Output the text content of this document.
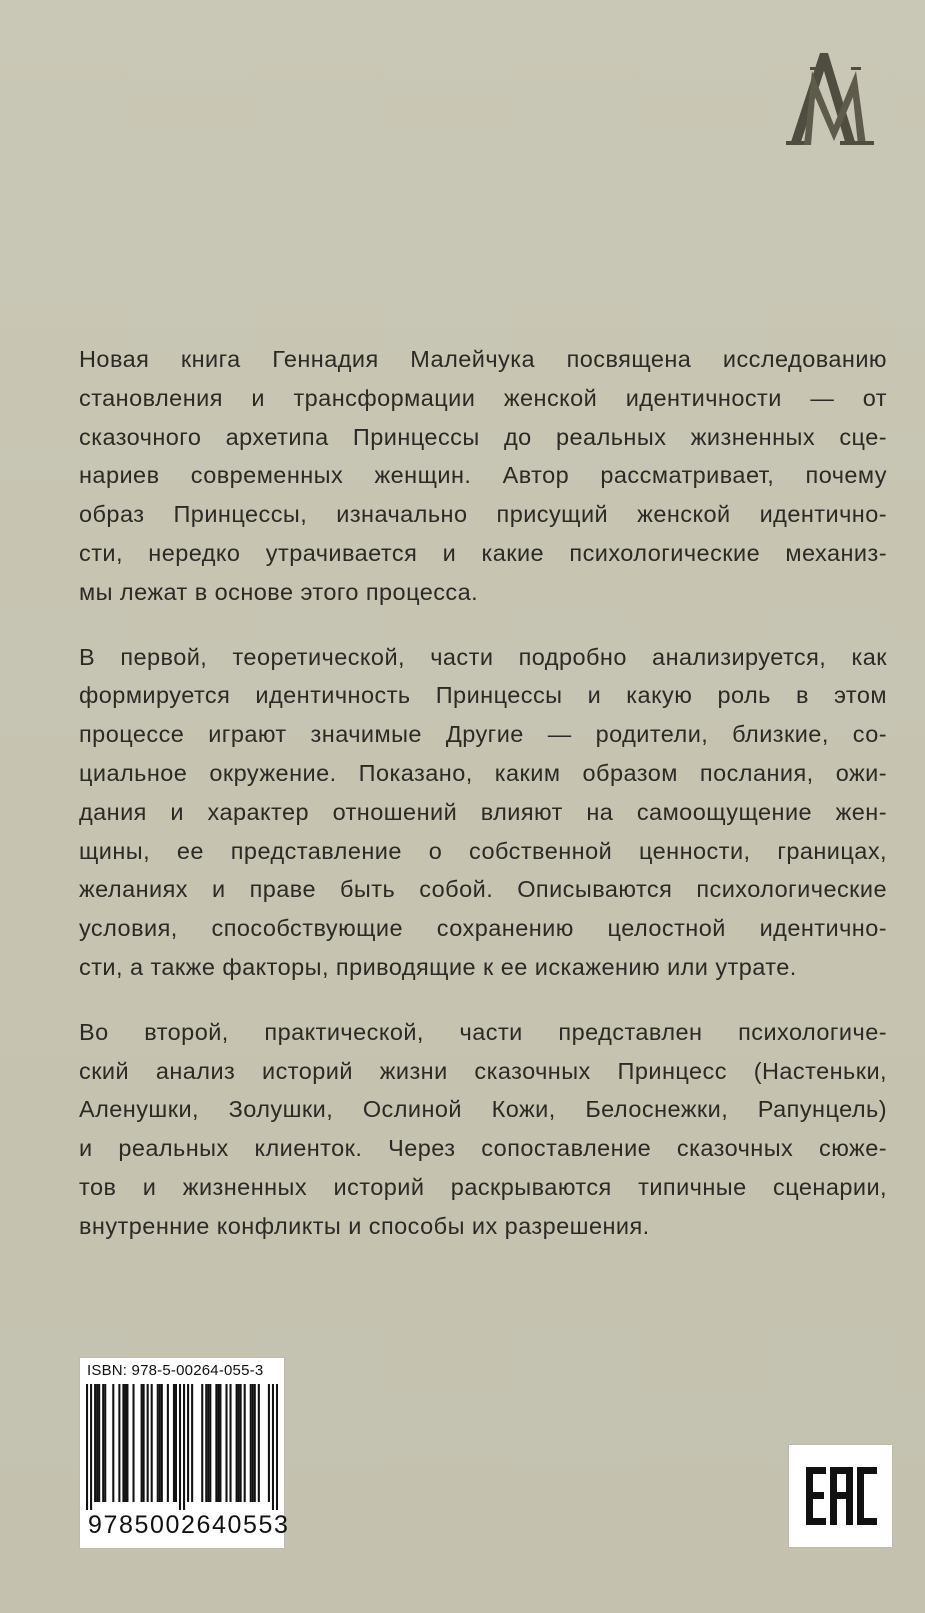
Новая книга Геннадия Малейчука посвящена исследованию
становления и трансформации женской идентичности — от
сказочного архетипа Принцессы до реальных жизненных сце-
нариев современных женщин. Автор рассматривает, почему
образ Принцессы, изначально присущий женской идентично-
сти, нередко утрачивается и какие психологические механиз-
мы лежат в основе этого процесса.
В первой, теоретической, части подробно анализируется, как
формируется идентичность Принцессы и какую роль в этом
процессе играют значимые Другие — родители, близкие, со-
циальное окружение. Показано, каким образом послания, ожи-
дания и характер отношений влияют на самоощущение жен-
щины, ее представление о собственной ценности, границах,
желаниях и праве быть собой. Описываются психологические
условия, способствующие сохранению целостной идентично-
сти, а также факторы, приводящие к ее искажению или утрате.
Во второй, практической, части представлен психологиче-
ский анализ историй жизни сказочных Принцесс (Настеньки,
Аленушки, Золушки, Ослиной Кожи, Белоснежки, Рапунцель)
и реальных клиенток. Через сопоставление сказочных сюже-
тов и жизненных историй раскрываются типичные сценарии,
внутренние конфликты и способы их разрешения.
ISBN: 978-5-00264-055-3
9785002640553
